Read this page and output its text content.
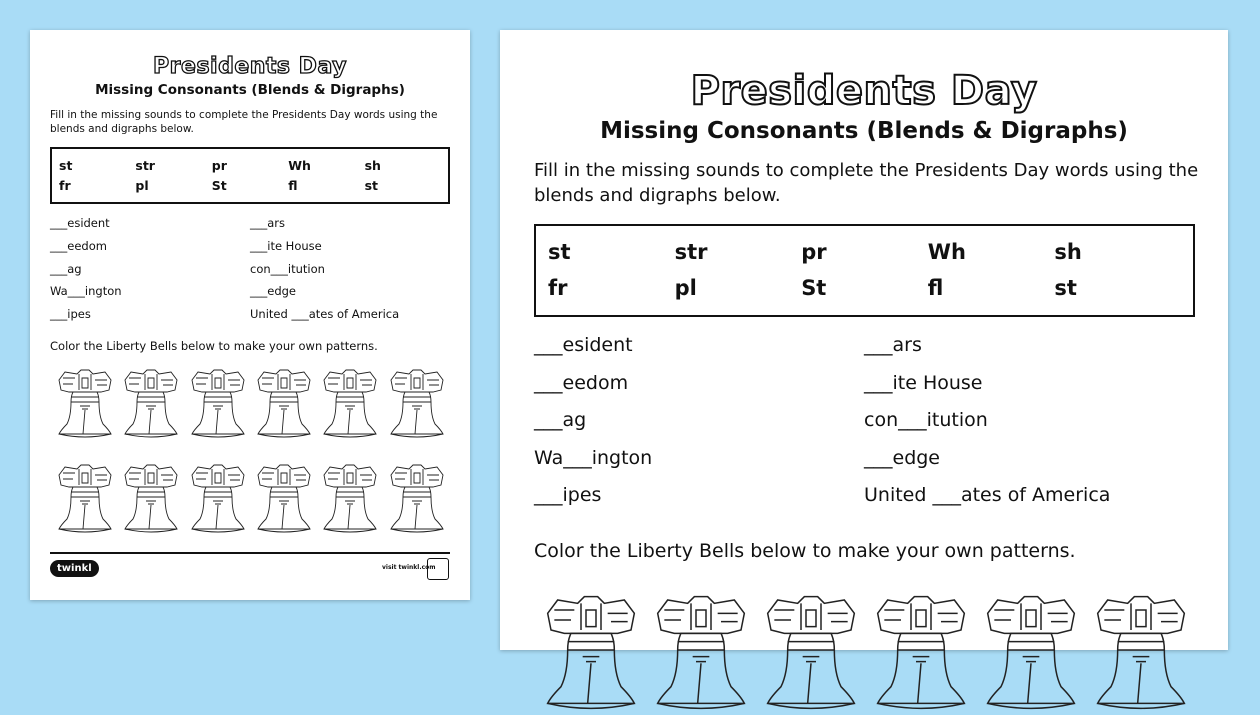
Presidents Day
Missing Consonants (Blends & Digraphs)
Fill in the missing sounds to complete the Presidents Day words using the blends and digraphs below.
st	str	pr	Wh	sh
fr	pl	St	fl	st
___esident	___ars
___eedom	___ite House
___ag	con___itution
Wa___ington	___edge
___ipes	United ___ates of America
Color the Liberty Bells below to make your own patterns.
twinkl	visit twinkl.com
Presidents Day
Missing Consonants (Blends & Digraphs)
Fill in the missing sounds to complete the Presidents Day words using the blends and digraphs below.
st	str	pr	Wh	sh
fr	pl	St	fl	st
___esident	___ars
___eedom	___ite House
___ag	con___itution
Wa___ington	___edge
___ipes	United ___ates of America
Color the Liberty Bells below to make your own patterns.
